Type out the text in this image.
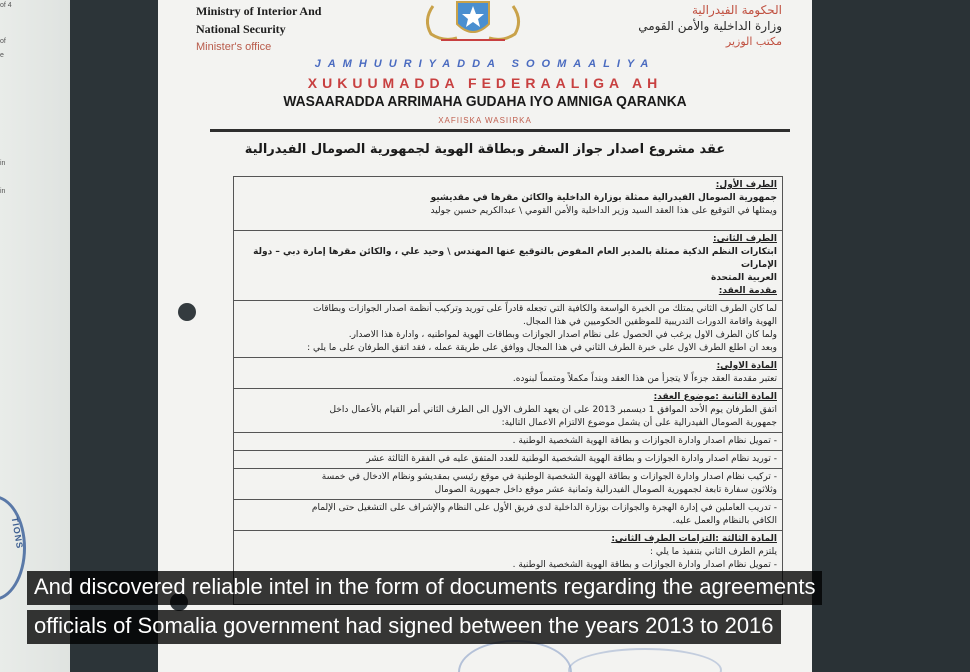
of 4
of
e
in
in
TIONS
Ministry of Interior And
National Security
Minister's office
الحكومة الفيدرالية
وزارة الداخلية والأمن القومي
مكتب الوزير
JAMHUURIYADDA SOOMAALIYA
XUKUUMADDA FEDERAALIGA AH
WASAARADDA ARRIMAHA GUDAHA IYO AMNIGA QARANKA
XAFIISKA WASIIRKA
عقد مشروع اصدار جواز السفر وبطاقة الهوية لجمهورية الصومال الفيدرالية
الطرف الأول:
جمهورية الصومال الفيدرالية ممثلة بوزارة الداخلية والكائن مقرها في مقديشيو
ويمثلها في التوقيع على هذا العقد السيد وزير الداخلية والأمن القومي \ عبدالكريم حسين جوليد

الطرف الثاني:
ابتكارات النظم الذكية ممثلة بالمدير العام المفوض بالتوقيع عنها المهندس \ وحيد علي ، والكائن مقرها إمارة دبي – دولة الإمارات
العربية المتحدة
مقدمة العقد:

لما كان الطرف الثاني يمتلك من الخبرة الواسعة والكافية التي تجعله قادراً على توريد وتركيب أنظمة اصدار الجوازات وبطاقات
الهوية واقامة الدورات التدريبية للموظفين الحكوميين في هذا المجال.
ولما كان الطرف الاول يرغب في الحصول على نظام اصدار الجوازات وبطاقات الهوية لمواطنيه ، وادارة هذا الاصدار.
وبعد ان اطلع الطرف الاول على خبرة الطرف الثاني في هذا المجال ووافق على طريقة عمله ، فقد اتفق الطرفان على ما يلي :

المادة الاولى:
تعتبر مقدمة العقد جزءاً لا يتجزأ من هذا العقد وبنداً مكملاً ومتمماً لبنوده.

المادة الثانية :موضوع العقد:
اتفق الطرفان يوم الأحد الموافق 1 ديسمبر 2013 على ان يعهد الطرف الاول الى الطرف الثاني أمر القيام بالأعمال داخل
جمهورية الصومال الفيدرالية على أن يشمل موضوع الالتزام الاعمال التالية:

- تمويل نظام اصدار وادارة الجوازات و بطاقة الهوية الشخصية الوطنية .

- توريد نظام اصدار وادارة الجوازات و بطاقة الهوية الشخصية الوطنية للعدد المتفق عليه في الفقرة الثالثة عشر

- تركيب نظام اصدار وادارة الجوازات و بطاقة الهوية الشخصية الوطنية في موقع رئيسي بمقديشو ونظام الادخال في خمسة
وثلاثون سفارة تابعة لجمهورية الصومال الفيدرالية وثمانية عشر موقع داخل جمهورية الصومال

- تدريب العاملين في إدارة الهجرة والجوازات بوزارة الداخلية لدى فريق الأول على النظام والإشراف على التشغيل حتى الإلمام
الكافي بالنظام والعمل عليه.

المادة الثالثة :التزامات الطرف الثاني:
يلتزم الطرف الثاني بتنفيذ ما يلي :
- تمويل نظام اصدار وادارة الجوازات و بطاقة الهوية الشخصية الوطنية .
And discovered reliable intel in the form of documents regarding the agreements
officials of Somalia government had signed between the years 2013 to 2016
